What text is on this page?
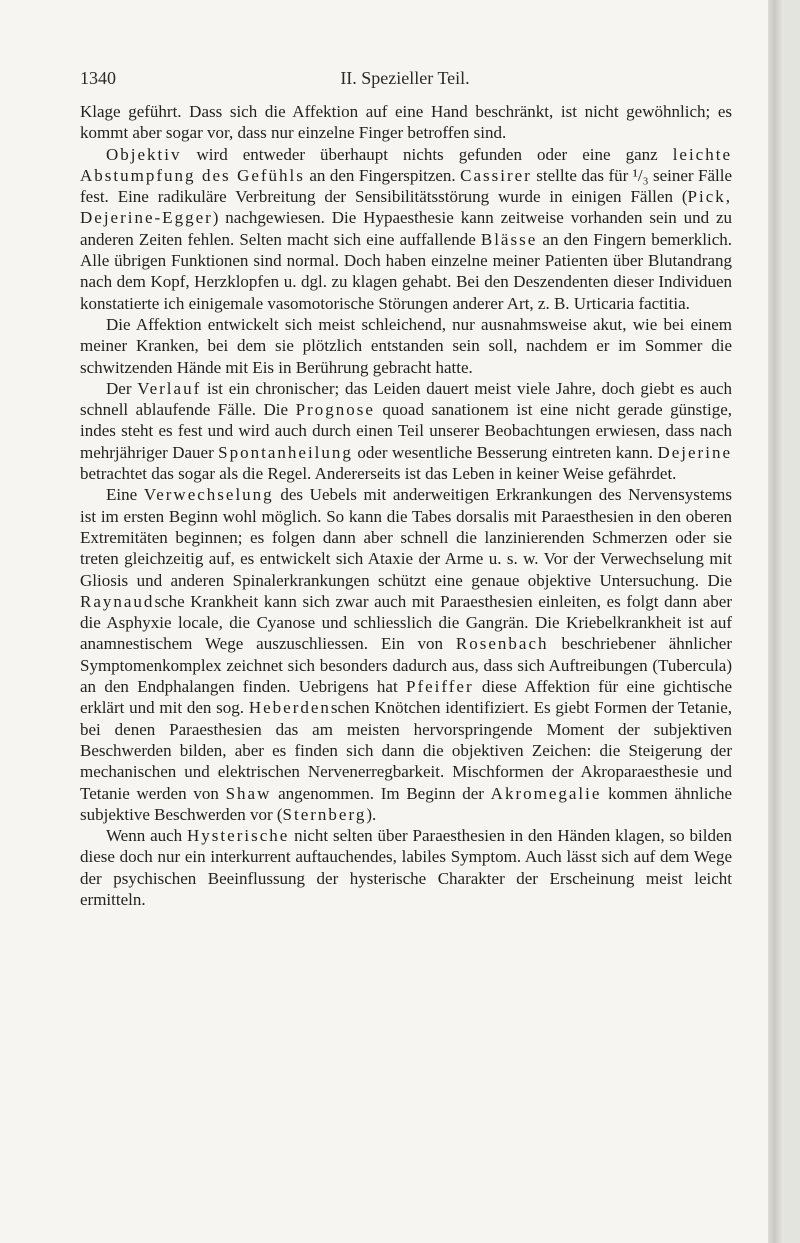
1340	II. Spezieller Teil.

Klage geführt. Dass sich die Affektion auf eine Hand beschränkt, ist nicht gewöhnlich; es kommt aber sogar vor, dass nur einzelne Finger betroffen sind.

Objektiv wird entweder überhaupt nichts gefunden oder eine ganz leichte Abstumpfung des Gefühls an den Fingerspitzen. Cassirer stellte das für ¹/₃ seiner Fälle fest. Eine radikuläre Verbreitung der Sensibilitätsstörung wurde in einigen Fällen (Pick, Dejerine-Egger) nachgewiesen. Die Hypaesthesie kann zeitweise vorhanden sein und zu anderen Zeiten fehlen. Selten macht sich eine auffallende Blässe an den Fingern bemerklich. Alle übrigen Funktionen sind normal. Doch haben einzelne meiner Patienten über Blutandrang nach dem Kopf, Herzklopfen u. dgl. zu klagen gehabt. Bei den Deszendenten dieser Individuen konstatierte ich einigemale vasomotorische Störungen anderer Art, z. B. Urticaria factitia.

Die Affektion entwickelt sich meist schleichend, nur ausnahmsweise akut, wie bei einem meiner Kranken, bei dem sie plötzlich entstanden sein soll, nachdem er im Sommer die schwitzenden Hände mit Eis in Berührung gebracht hatte.

Der Verlauf ist ein chronischer; das Leiden dauert meist viele Jahre, doch giebt es auch schnell ablaufende Fälle. Die Prognose quoad sanationem ist eine nicht gerade günstige, indes steht es fest und wird auch durch einen Teil unserer Beobachtungen erwiesen, dass nach mehrjähriger Dauer Spontanheilung oder wesentliche Besserung eintreten kann. Dejerine betrachtet das sogar als die Regel. Andererseits ist das Leben in keiner Weise gefährdet.

Eine Verwechselung des Uebels mit anderweitigen Erkrankungen des Nervensystems ist im ersten Beginn wohl möglich. So kann die Tabes dorsalis mit Paraesthesien in den oberen Extremitäten beginnen; es folgen dann aber schnell die lanzinierenden Schmerzen oder sie treten gleichzeitig auf, es entwickelt sich Ataxie der Arme u. s. w. Vor der Verwechselung mit Gliosis und anderen Spinalerkrankungen schützt eine genaue objektive Untersuchung. Die Raynaudsche Krankheit kann sich zwar auch mit Paraesthesien einleiten, es folgt dann aber die Asphyxie locale, die Cyanose und schliesslich die Gangrän. Die Kriebelkrankheit ist auf anamnestischem Wege auszuschliessen. Ein von Rosenbach beschriebener ähnlicher Symptomenkomplex zeichnet sich besonders dadurch aus, dass sich Auftreibungen (Tubercula) an den Endphalangen finden. Uebrigens hat Pfeiffer diese Affektion für eine gichtische erklärt und mit den sog. Heberdenschen Knötchen identifiziert. Es giebt Formen der Tetanie, bei denen Paraesthesien das am meisten hervorspringende Moment der subjektiven Beschwerden bilden, aber es finden sich dann die objektiven Zeichen: die Steigerung der mechanischen und elektrischen Nervenerregbarkeit. Mischformen der Akroparaesthesie und Tetanie werden von Shaw angenommen. Im Beginn der Akromegalie kommen ähnliche subjektive Beschwerden vor (Sternberg).

Wenn auch Hysterische nicht selten über Paraesthesien in den Händen klagen, so bilden diese doch nur ein interkurrent auftauchendes, labiles Symptom. Auch lässt sich auf dem Wege der psychischen Beeinflussung der hysterische Charakter der Erscheinung meist leicht ermitteln.
